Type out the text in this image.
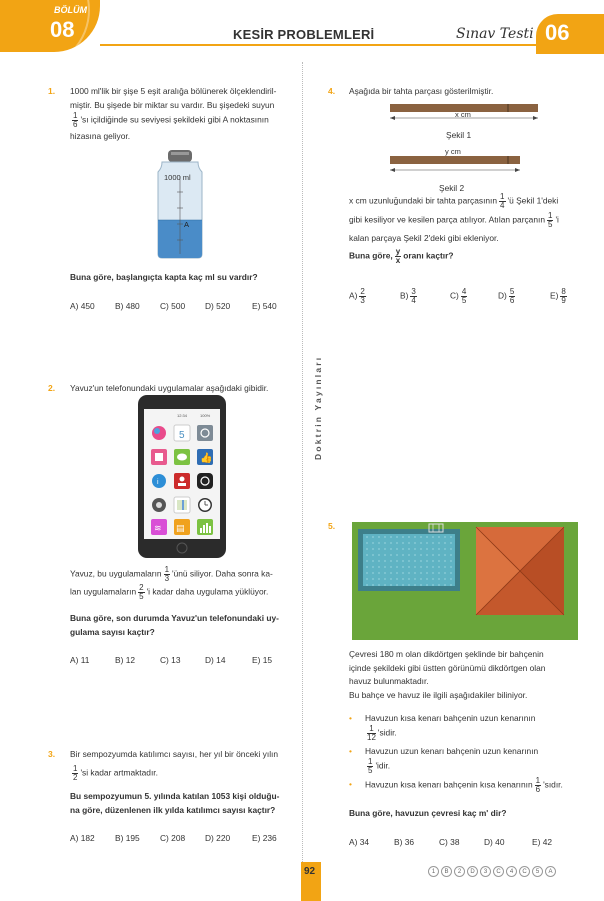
BÖLÜM
08	KESİR PROBLEMLERİ	Sınav Testi 06
Doktrin Yayınları
1. 1000 ml'lik bir şişe 5 eşit aralığa bölünerek ölçeklendiril-
miştir. Bu şişede bir miktar su vardır. Bu şişedeki suyun
$\frac{1}{6}$ 'sı içildiğinde su seviyesi şekildeki gibi A noktasının
hizasına geliyor.
1000 ml
A
Buna göre, başlangıçta kapta kaç ml su vardır?
A) 450	B) 480	C) 500	D) 520	E) 540
2. Yavuz'un telefonundaki uygulamalar aşağıdaki gibidir.
12:34	100%
5
👍
i
≋ ▤
Yavuz, bu uygulamaların $\frac{1}{3}$ 'ünü siliyor. Daha sonra ka-
lan uygulamaların $\frac{2}{5}$ 'i kadar daha uygulama yüklüyor.
Buna göre, son durumda Yavuz'un telefonundaki uy-
gulama sayısı kaçtır?
A) 11	B) 12	C) 13	D) 14	E) 15
3. Bir sempozyumda katılımcı sayısı, her yıl bir önceki yılın
$\frac{1}{2}$ 'si kadar artmaktadır.
Bu sempozyumun 5. yılında katılan 1053 kişi olduğu-
na göre, düzenlenen ilk yılda katılımcı sayısı kaçtır?
A) 182	B) 195	C) 208	D) 220	E) 236
4. Aşağıda bir tahta parçası gösterilmiştir.
x cm
Şekil 1
y cm
Şekil 2
x cm uzunluğundaki bir tahta parçasının $\frac{1}{4}$ 'ü Şekil 1'deki
gibi kesiliyor ve kesilen parça atılıyor. Atılan parçanın $\frac{1}{5}$ 'i
kalan parçaya Şekil 2'deki gibi ekleniyor.
Buna göre, $\frac{y}{x}$ oranı kaçtır?
$A) \frac{2}{3}$	$B) \frac{3}{4}$	$C) \frac{4}{5}$	$D) \frac{5}{6}$	$E) \frac{8}{9}$
5.
Çevresi 180 m olan dikdörtgen şeklinde bir bahçenin
içinde şekildeki gibi üstten görünümü dikdörtgen olan
havuz bulunmaktadır.
Bu bahçe ve havuz ile ilgili aşağıdakiler biliniyor.
•	Havuzun kısa kenarı bahçenin uzun kenarının
$\frac{1}{12}$ 'sidir.
•	Havuzun uzun kenarı bahçenin uzun kenarının
$\frac{1}{5}$ 'idir.
•	Havuzun kısa kenarı bahçenin kısa kenarının $\frac{1}{6}$ 'sıdır.
Buna göre, havuzun çevresi kaç m' dir?
A) 34	B) 36	C) 38	D) 40	E) 42
92	1	B	2	D	3	C	4	C	5	A
